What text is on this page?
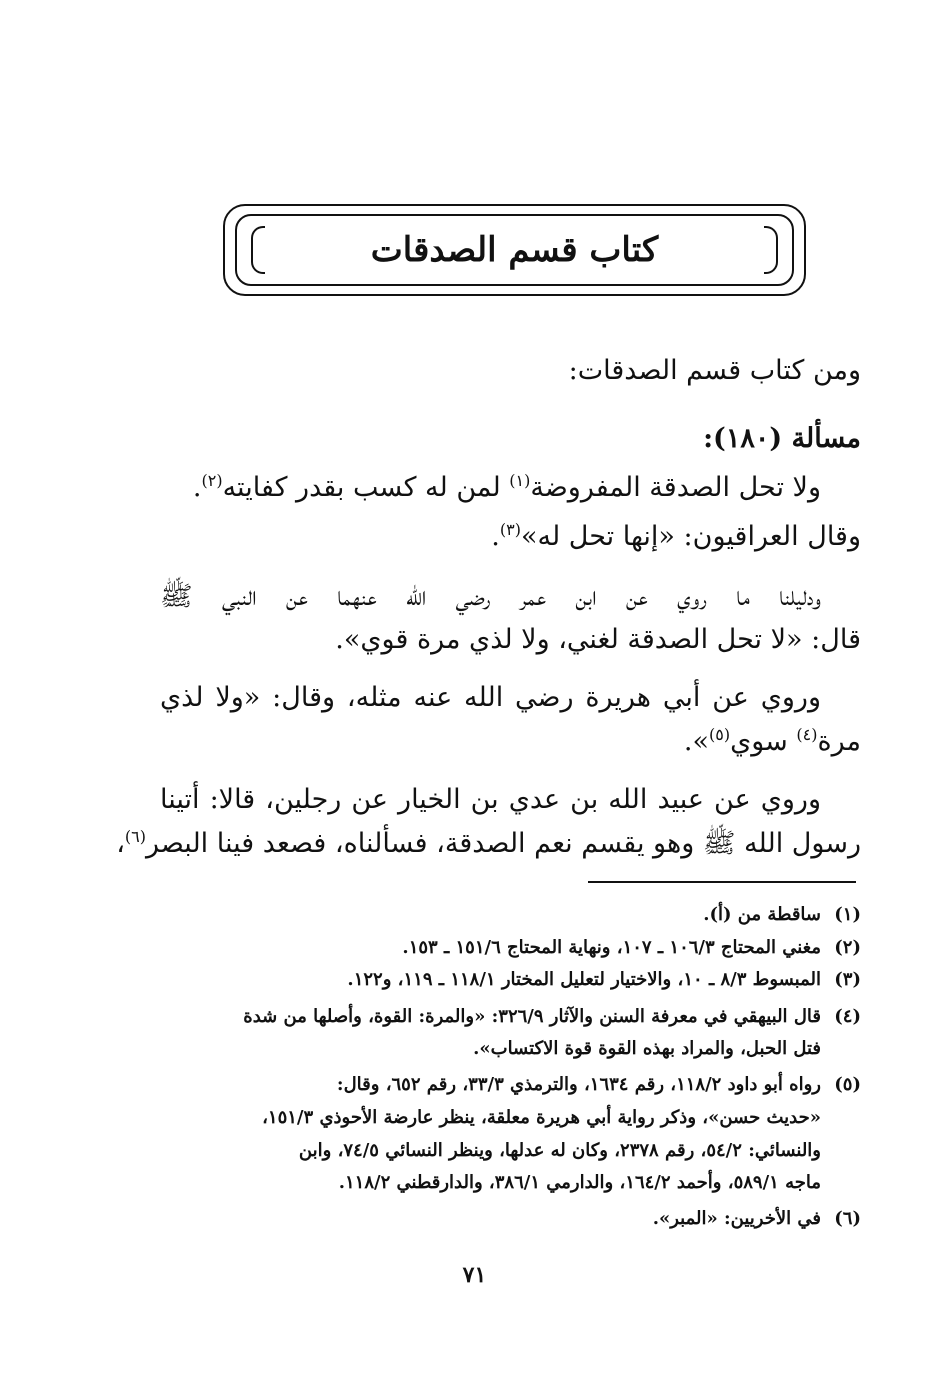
كتاب قسم الصدقات
ومن كتاب قسم الصدقات:
مسألة (١٨٠):
ولا تحل الصدقة المفروضة$^{(١)}$ لمن له كسب بقدر كفايته$^{(٢)}$.
وقال العراقيون: «إنها تحل له»$^{(٣)}$.
ودليلنا ما روي عن ابن عمر رضي الله عنهما عن النبي ﷺ
قال: «لا تحل الصدقة لغني، ولا لذي مرة قوي».
وروي عن أبي هريرة رضي الله عنه مثله، وقال: «ولا لذي
مرة$^{(٤)}$ سوي$^{(٥)}$».
وروي عن عبيد الله بن عدي بن الخيار عن رجلين، قالا: أتينا
رسول الله ﷺ وهو يقسم نعم الصدقة، فسألناه، فصعد فينا البصر$^{(٦)}$،
(١)ساقطة من (أ).
(٢)مغني المحتاج ١٠٦/٣ ـ ١٠٧، ونهاية المحتاج ١٥١/٦ ـ ١٥٣.
(٣)المبسوط ٨/٣ ـ ١٠، والاختيار لتعليل المختار ١١٨/١ ـ ١١٩، و١٢٢.
(٤)قال البيهقي في معرفة السنن والآثار ٣٢٦/٩: «والمرة: القوة، وأصلها من شدة
فتل الحبل، والمراد بهذه القوة قوة الاكتساب».
(٥)رواه أبو داود ١١٨/٢، رقم ١٦٣٤، والترمذي ٣٣/٣، رقم ٦٥٢، وقال:
«حديث حسن»، وذكر رواية أبي هريرة معلقة، ينظر عارضة الأحوذي ١٥١/٣،
والنسائي: ٥٤/٢، رقم ٢٣٧٨، وكان له عدلها، وينظر النسائي ٧٤/٥، وابن
ماجه ٥٨٩/١، وأحمد ١٦٤/٢، والدارمي ٣٨٦/١، والدارقطني ١١٨/٢.
(٦)في الأخريين: «المبر».
٧١
